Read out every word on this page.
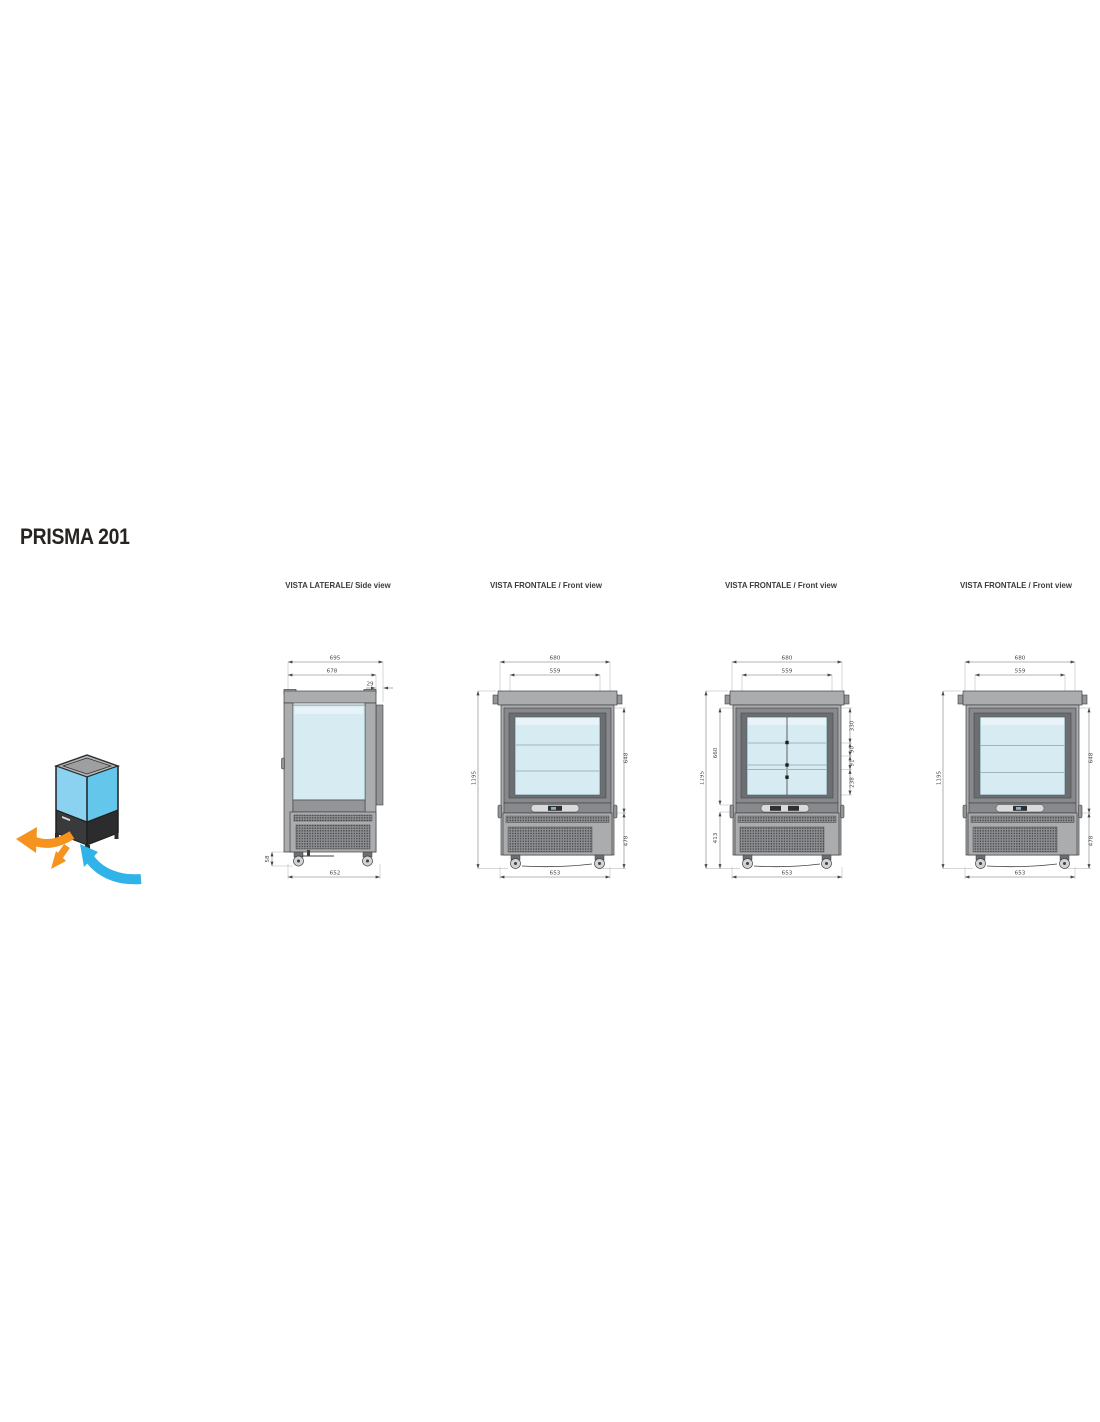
PRISMA 201
VISTA LATERALE/ Side view	VISTA FRONTALE / Front view	VISTA FRONTALE / Front view	VISTA FRONTALE / Front view
695
678
29
58
652
680
559
1195
648
478
653
680
559
1195
660
413
330
90
91
238
653
680
559
1195
648
478
653
